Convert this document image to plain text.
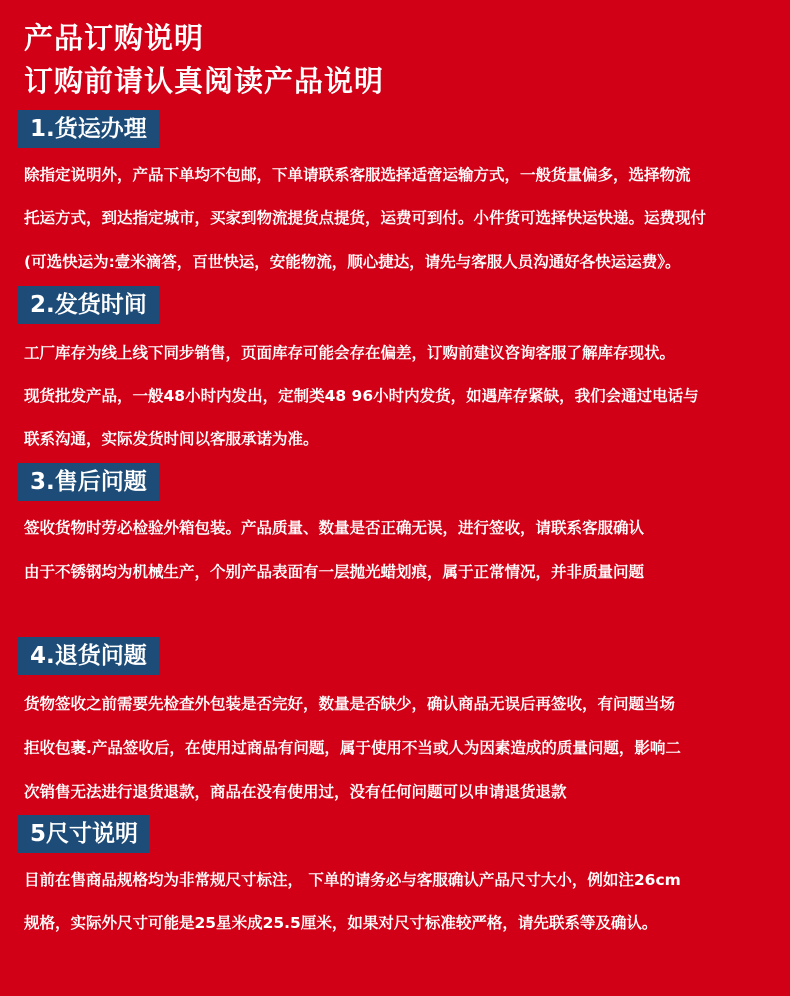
产品订购说明
订购前请认真阅读产品说明
1.货运办理
除指定说明外，产品下单均不包邮，下单请联系客服选择适啻运输方式，一般货量偏多，选择物流
托运方式，到达指定城市，买家到物流提货点提货，运费可到付。小件货可选择快运快递。运费现付
(可选快运为:壹米滴答，百世快运，安能物流，顺心捷达，请先与客服人员沟通好各快运运费》。
2.发货时间
工厂库存为线上线下同步销售，页面库存可能会存在偏差，订购前建议咨询客服了解库存现状。
现货批发产品，一般48小时内发出，定制类48 96小时内发货，如遇库存紧缺，我们会通过电话与
联系沟通，实际发货时间以客服承诺为准。
3.售后问题
签收货物时劳必检验外箱包装。产品质量、数量是否正确无误，进行签收，请联系客服确认
由于不锈钢均为机械生产，个别产品表面有一层抛光蜡划痕，属于正常情况，并非质量问题
4.退货问题
货物签收之前需要先检查外包装是否完好，数量是否缺少，确认商品无误后再签收，有问题当场
拒收包裹.产品签收后，在使用过商品有问题，属于使用不当或人为因素造成的质量问题，影响二
次销售无法进行退货退款，商品在没有使用过，没有任何问题可以申请退货退款
5尺寸说明
目前在售商品规格均为非常规尺寸标注， 下单的请务必与客服确认产品尺寸大小，例如注26cm
规格，实际外尺寸可能是25星米成25.5厘米，如果对尺寸标准较严格，请先联系等及确认。
